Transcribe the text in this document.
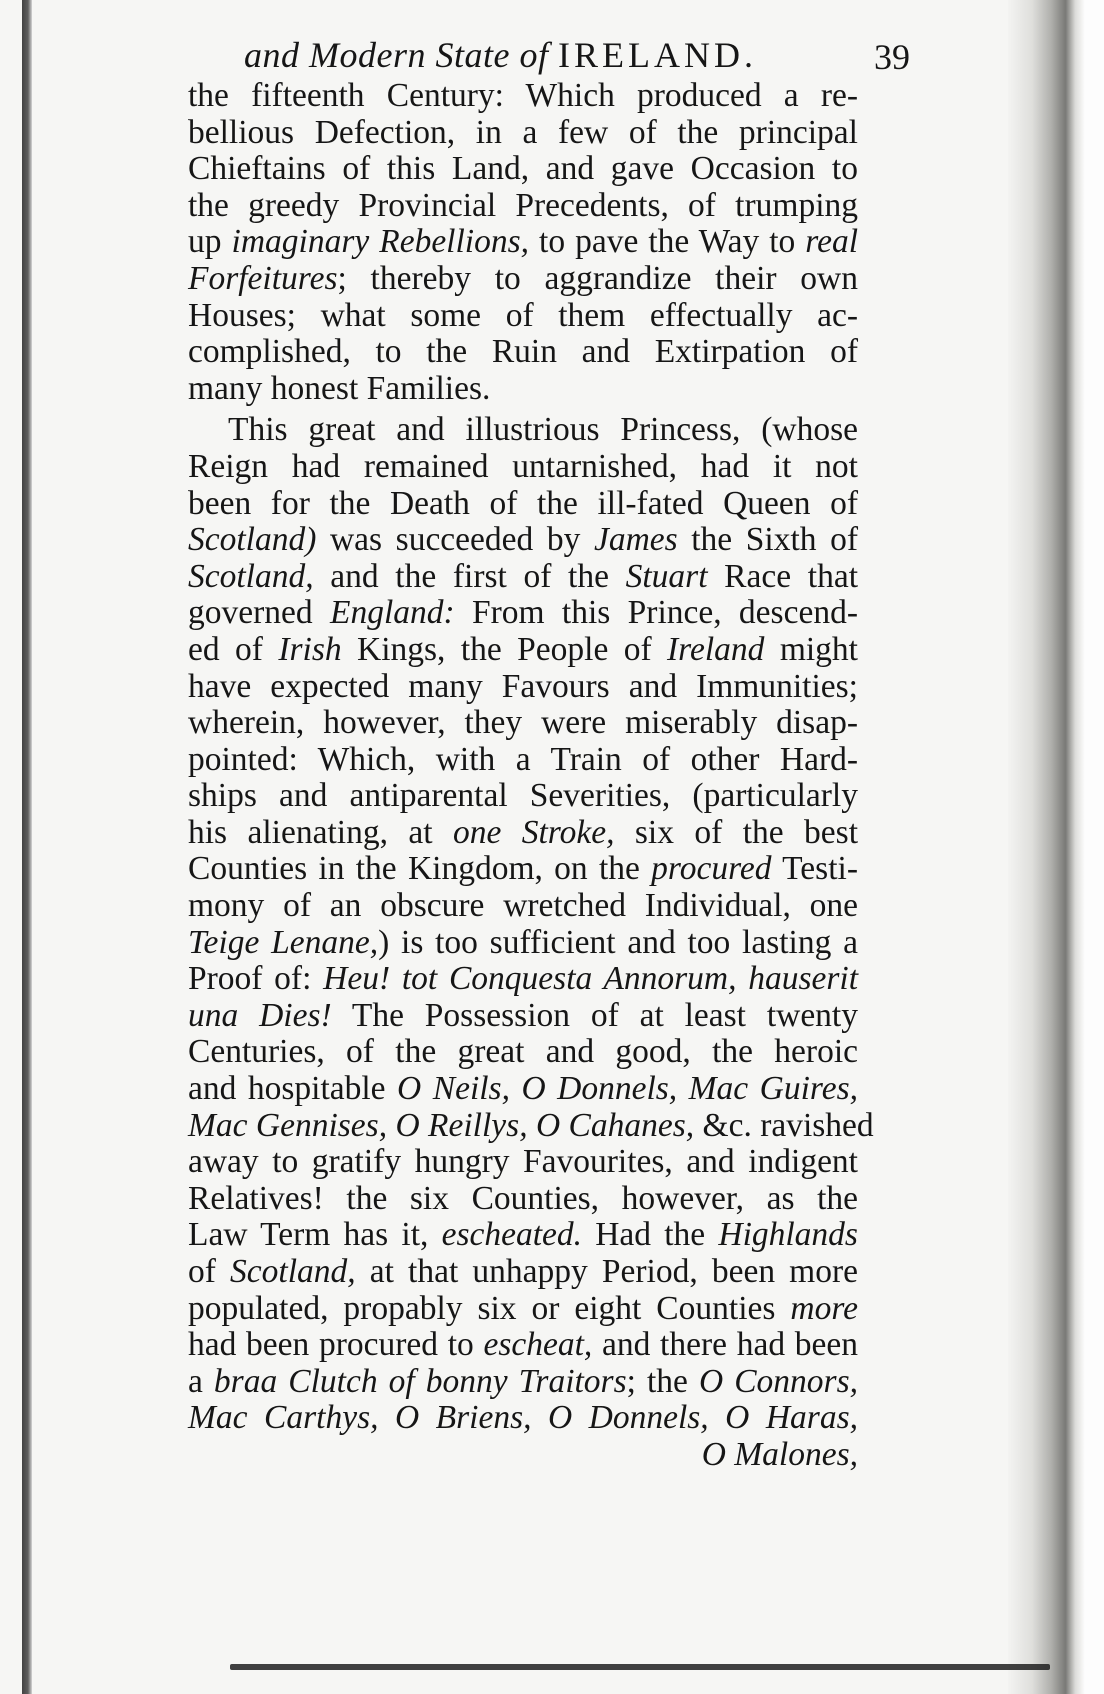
and Modern State of IRELAND.	39
the fifteenth Century: Which produced a re-
bellious Defection, in a few of the principal
Chieftains of this Land, and gave Occasion to
the greedy Provincial Precedents, of trumping
up imaginary Rebellions, to pave the Way to real
Forfeitures; thereby to aggrandize their own
Houses; what some of them effectually ac-
complished, to the Ruin and Extirpation of
many honest Families.
This great and illustrious Princess, (whose
Reign had remained untarnished, had it not
been for the Death of the ill-fated Queen of
Scotland) was succeeded by James the Sixth of
Scotland, and the first of the Stuart Race that
governed England: From this Prince, descend-
ed of Irish Kings, the People of Ireland might
have expected many Favours and Immunities;
wherein, however, they were miserably disap-
pointed: Which, with a Train of other Hard-
ships and antiparental Severities, (particularly
his alienating, at one Stroke, six of the best
Counties in the Kingdom, on the procured Testi-
mony of an obscure wretched Individual, one
Teige Lenane,) is too sufficient and too lasting a
Proof of: Heu! tot Conquesta Annorum, hauserit
una Dies! The Possession of at least twenty
Centuries, of the great and good, the heroic
and hospitable O Neils, O Donnels, Mac Guires,
Mac Gennises, O Reillys, O Cahanes, &c. ravished
away to gratify hungry Favourites, and indigent
Relatives! the six Counties, however, as the
Law Term has it, escheated. Had the Highlands
of Scotland, at that unhappy Period, been more
populated, propably six or eight Counties more
had been procured to escheat, and there had been
a braa Clutch of bonny Traitors; the O Connors,
Mac Carthys, O Briens, O Donnels, O Haras,
O Malones,
